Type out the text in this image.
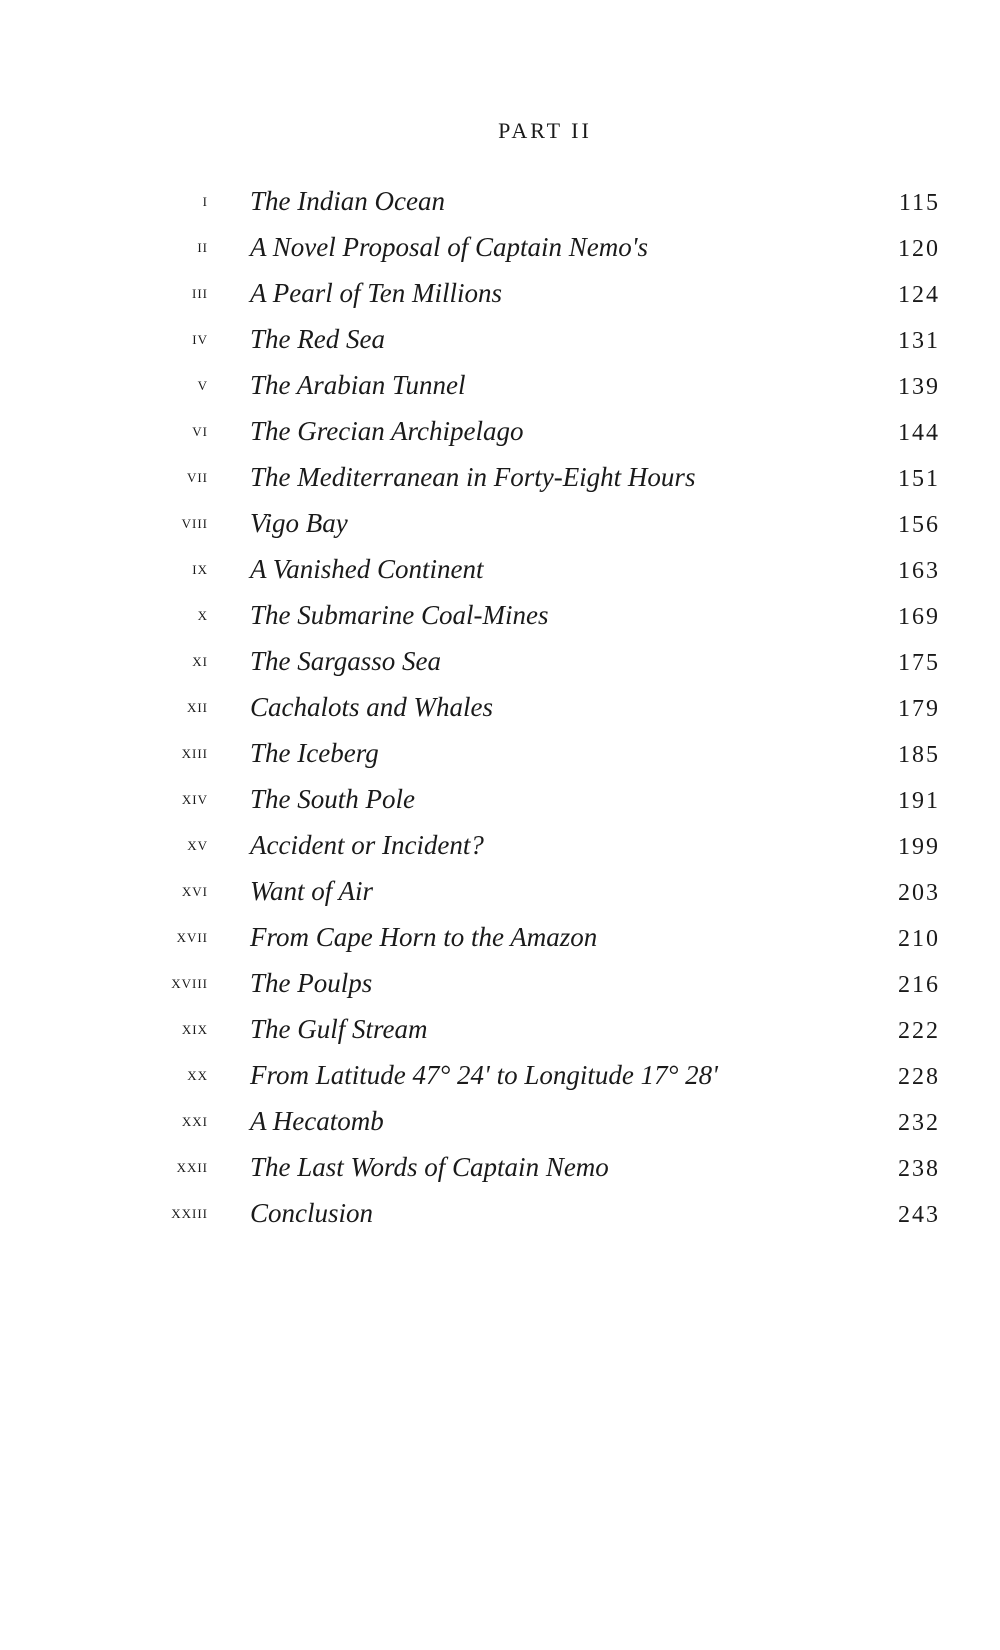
PART II
i The Indian Ocean	115
ii A Novel Proposal of Captain Nemo's	120
iii A Pearl of Ten Millions	124
iv The Red Sea	131
v The Arabian Tunnel	139
vi The Grecian Archipelago	144
vii The Mediterranean in Forty-Eight Hours	151
viii Vigo Bay	156
ix A Vanished Continent	163
x The Submarine Coal-Mines	169
xi The Sargasso Sea	175
xii Cachalots and Whales	179
xiii The Iceberg	185
xiv The South Pole	191
xv Accident or Incident?	199
xvi Want of Air	203
xvii From Cape Horn to the Amazon	210
xviii The Poulps	216
xix The Gulf Stream	222
xx From Latitude 47° 24' to Longitude 17° 28'	228
xxi A Hecatomb	232
xxii The Last Words of Captain Nemo	238
xxiii Conclusion	243
